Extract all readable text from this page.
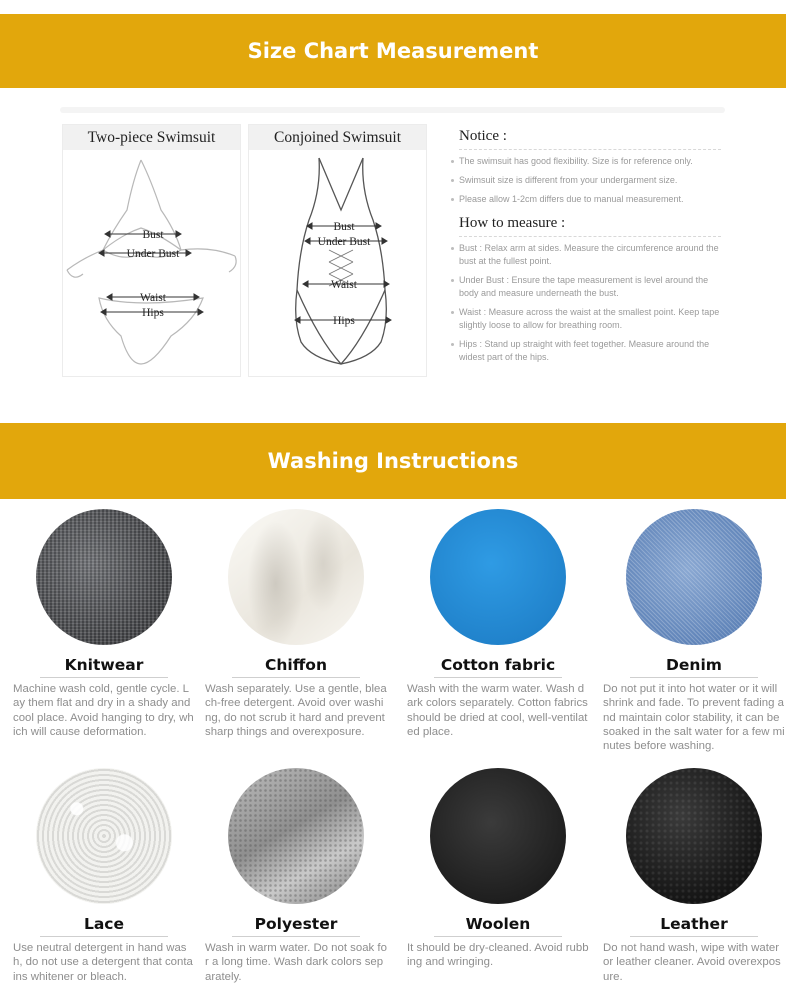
Size Chart Measurement
Two-piece Swimsuit
Bust
Under Bust
Waist
Hips
Conjoined Swimsuit
Bust
Under Bust
Waist
Hips
Notice :
The swimsuit has good flexibility. Size is for reference only.
Swimsuit size is different from your undergarment size.
Please allow 1-2cm differs due to manual measurement.
How to measure :
Bust : Relax arm at sides. Measure the circumference around the bust at the fullest point.
Under Bust : Ensure the tape measurement is level around the body and measure underneath the bust.
Waist : Measure across the waist at the smallest point. Keep tape slightly loose to allow for breathing room.
Hips : Stand up straight with feet together. Measure around the widest part of the hips.
Washing Instructions
Knitwear
Machine wash cold, gentle cycle. Lay them flat and dry in a shady and cool place. Avoid hanging to dry, which will cause deformation.
Chiffon
Wash separately. Use a gentle, bleach-free detergent. Avoid over washing, do not scrub it hard and prevent sharp things and overexposure.
Cotton fabric
Wash with the warm water. Wash dark colors separately. Cotton fabrics should be dried at cool, well-ventilated place.
Denim
Do not put it into hot water or it will shrink and fade. To prevent fading and maintain color stability, it can be soaked in the salt water for a few minutes before washing.
Lace
Use neutral detergent in hand wash, do not use a detergent that contains whitener or bleach.
Polyester
Wash in warm water. Do not soak for a long time. Wash dark colors separately.
Woolen
It should be dry-cleaned. Avoid rubbing and wringing.
Leather
Do not hand wash, wipe with water or leather cleaner. Avoid overexposure.
